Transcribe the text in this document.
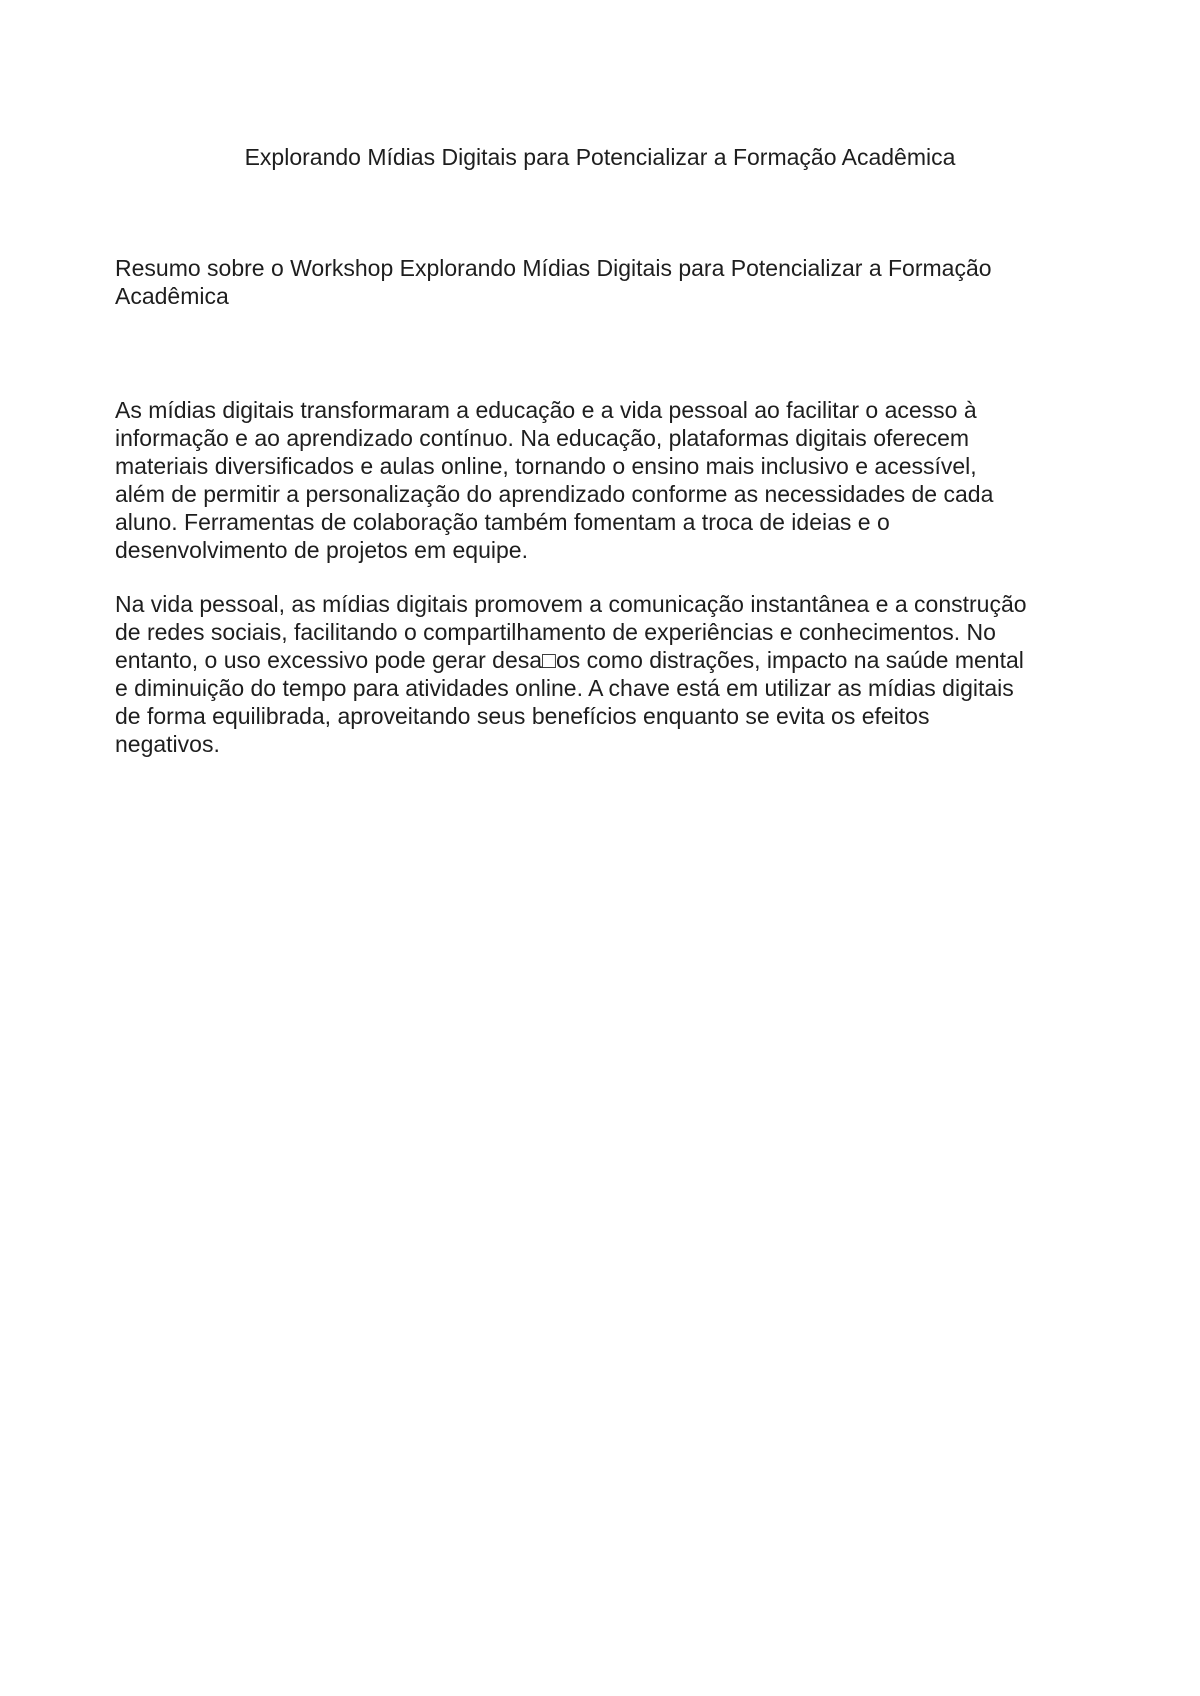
Explorando Mídias Digitais para Potencializar a Formação Acadêmica
Resumo sobre o Workshop Explorando Mídias Digitais para Potencializar a Formação
Acadêmica

As mídias digitais transformaram a educação e a vida pessoal ao facilitar o acesso à
informação e ao aprendizado contínuo. Na educação, plataformas digitais oferecem
materiais diversificados e aulas online, tornando o ensino mais inclusivo e acessível,
além de permitir a personalização do aprendizado conforme as necessidades de cada
aluno. Ferramentas de colaboração também fomentam a troca de ideias e o
desenvolvimento de projetos em equipe.

Na vida pessoal, as mídias digitais promovem a comunicação instantânea e a construção
de redes sociais, facilitando o compartilhamento de experiências e conhecimentos. No
entanto, o uso excessivo pode gerar desa□os como distrações, impacto na saúde mental
e diminuição do tempo para atividades online. A chave está em utilizar as mídias digitais
de forma equilibrada, aproveitando seus benefícios enquanto se evita os efeitos
negativos.
